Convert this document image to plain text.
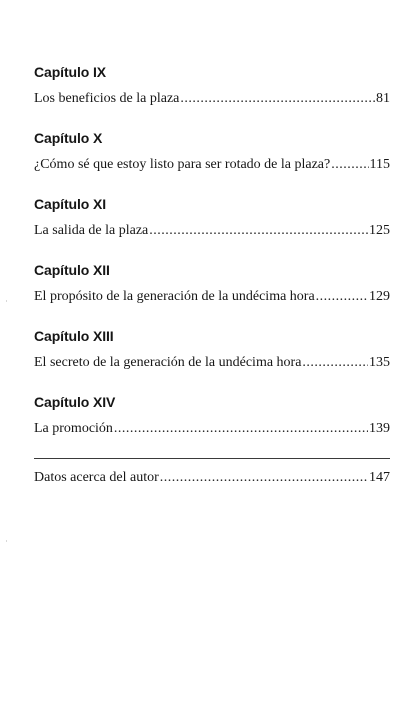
Capítulo IX
Los beneficios de la plaza .....	81
Capítulo X
¿Cómo sé que estoy listo para ser rotado de la plaza? .....	115
Capítulo XI
La salida de la plaza .....	125
Capítulo XII
El propósito de la generación de la undécima hora .....	129
Capítulo XIII
El secreto de la generación de la undécima hora .....	135
Capítulo XIV
La promoción .....	139
Datos acerca del autor .....	147
